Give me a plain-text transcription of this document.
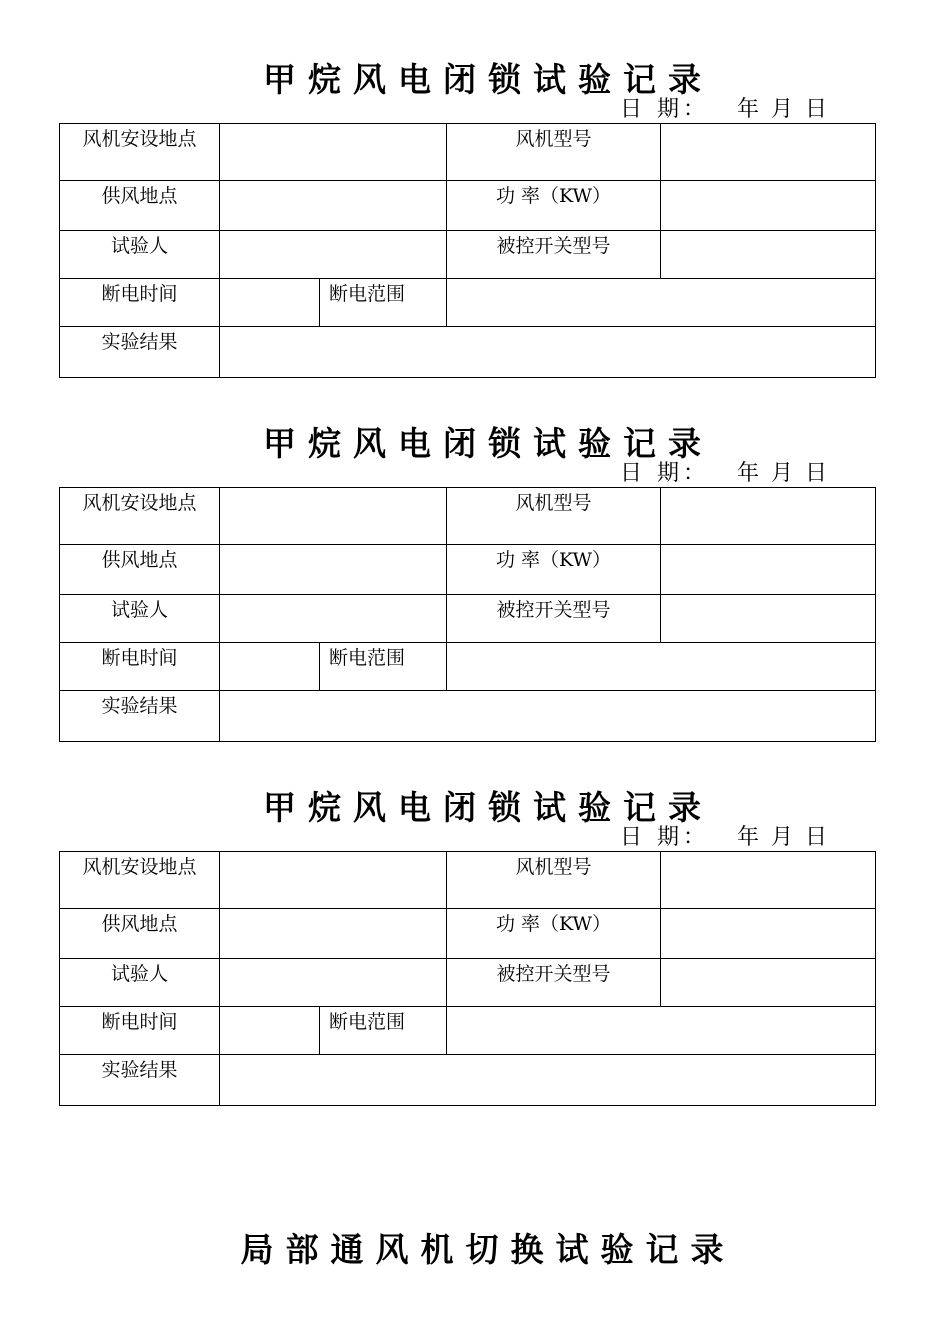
甲烷风电闭锁试验记录
日 期： 年 月 日
风机安设地点			风机型号	
供风地点			功 率（KW）	
试验人			被控开关型号	
断电时间		断电范围		
实验结果				
甲烷风电闭锁试验记录
日 期： 年 月 日
风机安设地点			风机型号	
供风地点			功 率（KW）	
试验人			被控开关型号	
断电时间		断电范围		
实验结果				
甲烷风电闭锁试验记录
日 期： 年 月 日
风机安设地点			风机型号	
供风地点			功 率（KW）	
试验人			被控开关型号	
断电时间		断电范围		
实验结果				
局部通风机切换试验记录
